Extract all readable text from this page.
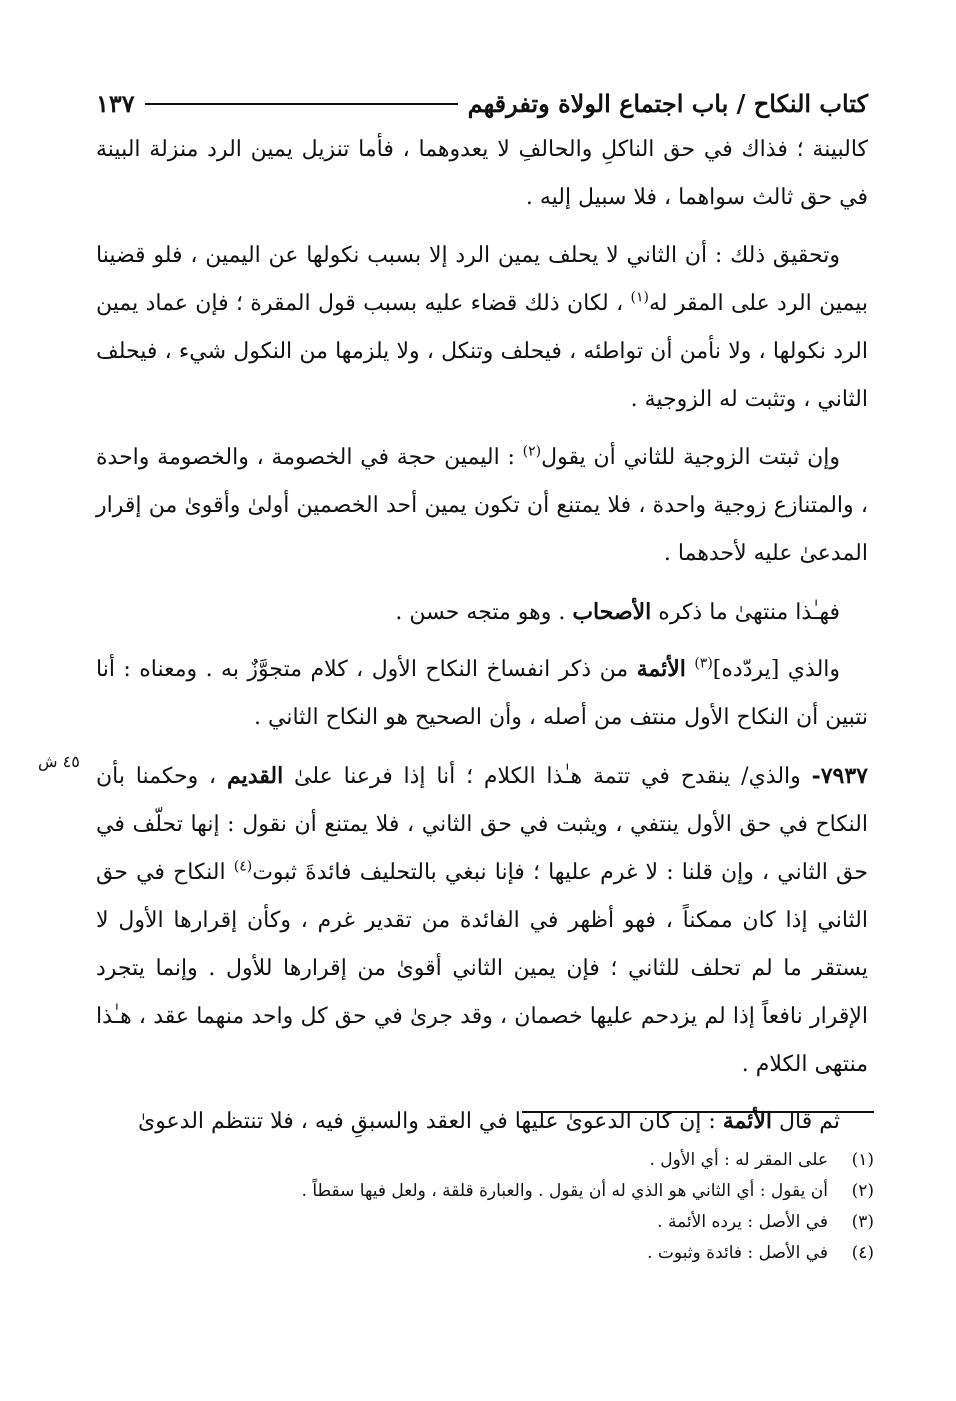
كتاب النكاح / باب اجتماع الولاة وتفرقهم
١٣٧

كالبينة ؛ فذاك في حق الناكلِ والحالفِ لا يعدوهما ، فأما تنزيل يمين الرد منزلة البينة في حق ثالث سواهما ، فلا سبيل إليه .

وتحقيق ذلك : أن الثاني لا يحلف يمين الرد إلا بسبب نكولها عن اليمين ، فلو قضينا بيمين الرد على المقر له$^{(١)}$ ، لكان ذلك قضاء عليه بسبب قول المقرة ؛ فإن عماد يمين الرد نكولها ، ولا نأمن أن تواطئه ، فيحلف وتنكل ، ولا يلزمها من النكول شيء ، فيحلف الثاني ، وتثبت له الزوجية .

وإن ثبتت الزوجية للثاني أن يقول$^{(٢)}$ : اليمين حجة في الخصومة ، والخصومة واحدة ، والمتنازع زوجية واحدة ، فلا يمتنع أن تكون يمين أحد الخصمين أولىٰ وأقوىٰ من إقرار المدعىٰ عليه لأحدهما .

فهـٰذا منتهىٰ ما ذكره الأصحاب . وهو متجه حسن .

والذي [يردّده]$^{(٣)}$ الأئمة من ذكر انفساخ النكاح الأول ، كلام متجوَّزٌ به . ومعناه : أنا نتبين أن النكاح الأول منتف من أصله ، وأن الصحيح هو النكاح الثاني .

٧٩٣٧- والذي/ ينقدح في تتمة هـٰذا الكلام ؛ أنا إذا فرعنا علىٰ القديم ، وحكمنا بأن النكاح في حق الأول ينتفي ، ويثبت في حق الثاني ، فلا يمتنع أن نقول : إنها تحلّف في حق الثاني ، وإن قلنا : لا غرم عليها ؛ فإنا نبغي بالتحليف فائدةَ ثبوت$^{(٤)}$ النكاح في حق الثاني إذا كان ممكناً ، فهو أظهر في الفائدة من تقدير غرم ، وكأن إقرارها الأول لا يستقر ما لم تحلف للثاني ؛ فإن يمين الثاني أقوىٰ من إقرارها للأول . وإنما يتجرد الإقرار نافعاً إذا لم يزدحم عليها خصمان ، وقد جرىٰ في حق كل واحد منهما عقد ، هـٰذا منتهى الكلام .

ثم قال الأئمة : إن كان الدعوىٰ عليها في العقد والسبقِ فيه ، فلا تنتظم الدعوىٰ

٤٥ ش
(١)على المقر له : أي الأول .
(٢)أن يقول : أي الثاني هو الذي له أن يقول . والعبارة قلقة ، ولعل فيها سقطاً .
(٣)في الأصل : يرده الأئمة .
(٤)في الأصل : فائدة وثبوت .
